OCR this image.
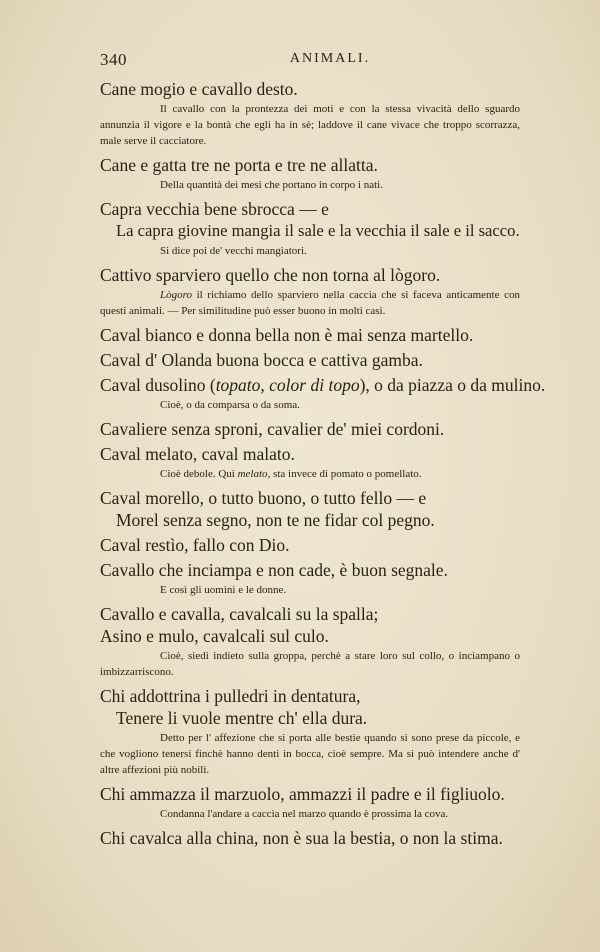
340	ANIMALI.

Cane mogio e cavallo desto.

Il cavallo con la prontezza dei moti e con la stessa vivacità dello sguardo annunzia il vigore e la bontà che egli ha in sè; laddove il cane vivace che troppo scorrazza, male serve il cacciatore.

Cane e gatta tre ne porta e tre ne allatta.

Della quantità dei mesi che portano in corpo i nati.

Capra vecchia bene sbrocca — e

La capra giovine mangia il sale e la vecchia il sale e il sacco.

Si dice poi de' vecchi mangiatori.

Cattivo sparviero quello che non torna al lògoro.

Lògoro il richiamo dello sparviero nella caccia che si faceva anticamente con questi animali. — Per similitudine può esser buono in molti casi.

Caval bianco e donna bella non è mai senza martello.

Caval d' Olanda buona bocca e cattiva gamba.

Caval dusolino (topato, color di topo), o da piazza o da mulino.

Cioè, o da comparsa o da soma.

Cavaliere senza sproni, cavalier de' miei cordoni.

Caval melato, caval malato.

Cioè debole. Qui melato, sta invece di pomato o pomellato.

Caval morello, o tutto buono, o tutto fello — e

Morel senza segno, non te ne fidar col pegno.

Caval restìo, fallo con Dio.

Cavallo che inciampa e non cade, è buon segnale.

E così gli uomini e le donne.

Cavallo e cavalla, cavalcali su la spalla;

Asino e mulo, cavalcali sul culo.

Cioè, siedi indieto sulla groppa, perchè a stare loro sul collo, o inciampano o imbizzarriscono.

Chi addottrina i pulledri in dentatura,

Tenere li vuole mentre ch' ella dura.

Detto per l' affezione che si porta alle bestie quando si sono prese da piccole, e che vogliono tenersi finchè hanno denti in bocca, cioè sempre. Ma si può intendere anche d' altre affezioni più nobili.

Chi ammazza il marzuolo, ammazzi il padre e il figliuolo.

Condanna l'andare a caccia nel marzo quando è prossima la cova.

Chi cavalca alla china, non è sua la bestia, o non la stima.
